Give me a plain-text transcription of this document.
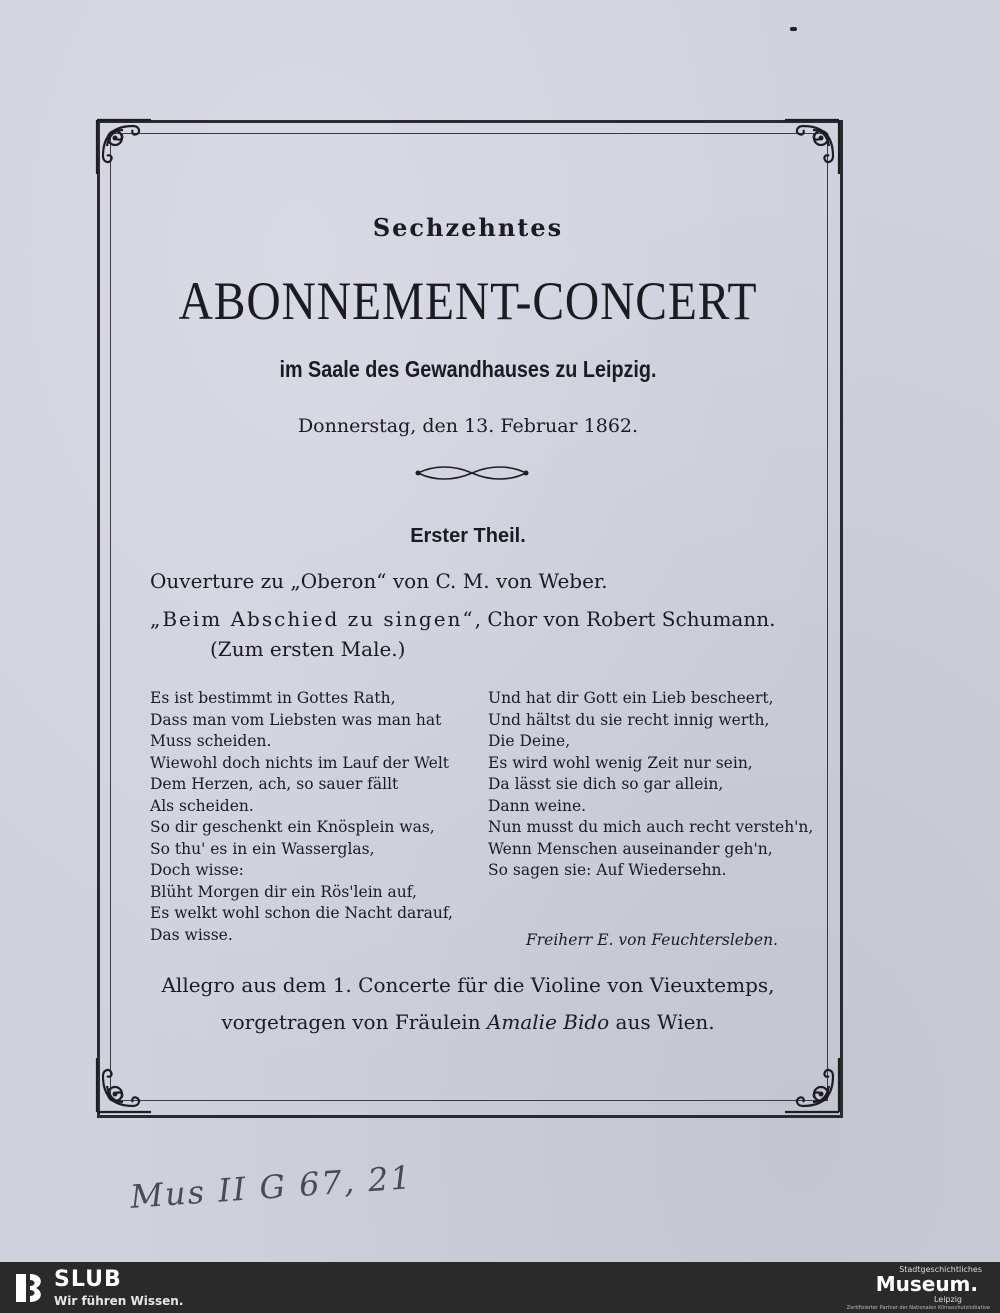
Sechzehntes
ABONNEMENT-CONCERT
im Saale des Gewandhauses zu Leipzig.
Donnerstag, den 13. Februar 1862.
Erster Theil.
Ouverture zu „Oberon“ von C. M. von Weber.
„Beim Abschied zu singen“, Chor von Robert Schumann.
(Zum ersten Male.)
Es ist bestimmt in Gottes Rath,
Dass man vom Liebsten was man hat
Muss scheiden.
Wiewohl doch nichts im Lauf der Welt
Dem Herzen, ach, so sauer fällt
Als scheiden.
So dir geschenkt ein Knösplein was,
So thu' es in ein Wasserglas,
Doch wisse:
Blüht Morgen dir ein Rös'lein auf,
Es welkt wohl schon die Nacht darauf,
Das wisse.
Und hat dir Gott ein Lieb bescheert,
Und hältst du sie recht innig werth,
Die Deine,
Es wird wohl wenig Zeit nur sein,
Da lässt sie dich so gar allein,
Dann weine.
Nun musst du mich auch recht versteh'n,
Wenn Menschen auseinander geh'n,
So sagen sie: Auf Wiedersehn.
Freiherr E. von Feuchtersleben.
Allegro aus dem 1. Concerte für die Violine von Vieuxtemps,
vorgetragen von Fräulein Amalie Bido aus Wien.
Mus II G 67, 21
SLUB
Wir führen Wissen.
Stadtgeschichtliches
Museum.
Leipzig
Zertifizierter Partner der Nationalen Klimaschutzinitiative
